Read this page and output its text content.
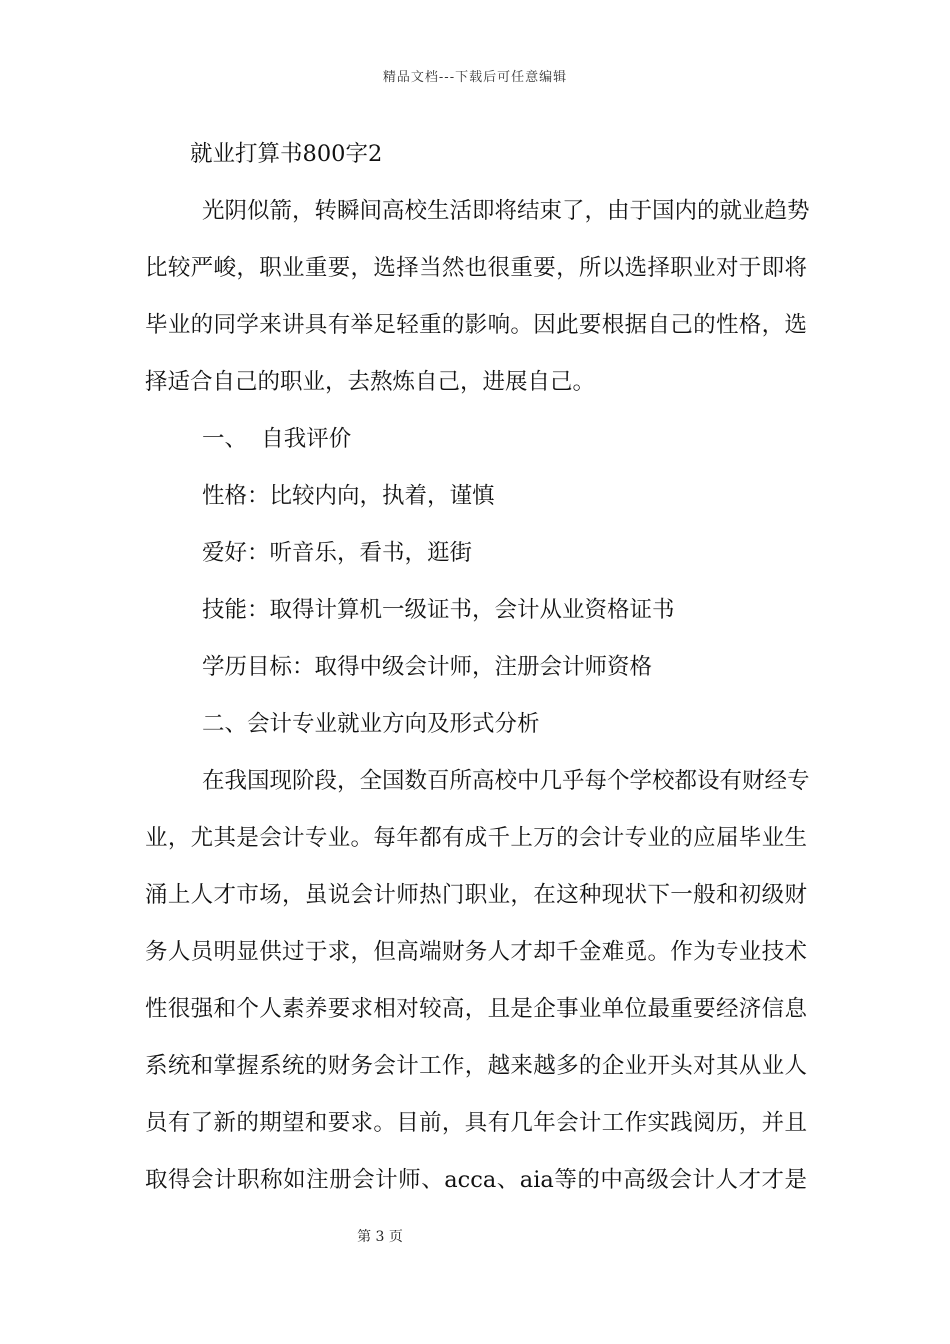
精品文档---下载后可任意编辑
就业打算书800字2
光阴似箭，转瞬间高校生活即将结束了，由于国内的就业趋势
比较严峻，职业重要，选择当然也很重要，所以选择职业对于即将
毕业的同学来讲具有举足轻重的影响。因此要根据自己的性格，选
择适合自己的职业，去熬炼自己，进展自己。
一、  自我评价
性格：比较内向，执着，谨慎
爱好：听音乐，看书，逛街
技能：取得计算机一级证书，会计从业资格证书
学历目标：取得中级会计师，注册会计师资格
二、会计专业就业方向及形式分析
在我国现阶段，全国数百所高校中几乎每个学校都设有财经专
业，尤其是会计专业。每年都有成千上万的会计专业的应届毕业生
涌上人才市场，虽说会计师热门职业，在这种现状下一般和初级财
务人员明显供过于求，但高端财务人才却千金难觅。作为专业技术
性很强和个人素养要求相对较高，且是企事业单位最重要经济信息
系统和掌握系统的财务会计工作，越来越多的企业开头对其从业人
员有了新的期望和要求。目前，具有几年会计工作实践阅历，并且
取得会计职称如注册会计师、acca、aia等的中高级会计人才才是
第 3 页
